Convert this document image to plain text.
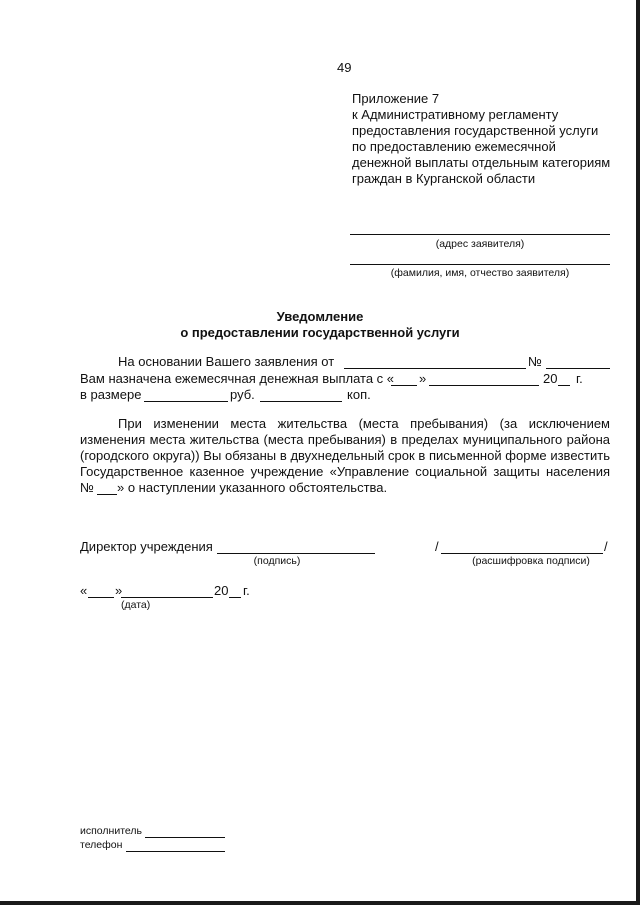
49
Приложение 7
к Административному регламенту
предоставления государственной услуги
по предоставлению ежемесячной
денежной выплаты отдельным категориям
граждан в Курганской области
(адрес заявителя)
(фамилия, имя, отчество заявителя)
Уведомление
о предоставлении государственной услуги
На основании Вашего заявления от	№
Вам назначена ежемесячная денежная выплата с « »	20 г.
в размере	руб.	коп.
При изменении места жительства (места пребывания) (за исключением
изменения места жительства (места пребывания) в пределах муниципального района
(городского округа)) Вы обязаны в двухнедельный срок в письменной форме известить
Государственное казенное учреждение «Управление социальной защиты населения
№ » о наступлении указанного обстоятельства.
Директор учреждения
(подпись)
/	/
(расшифровка подписи)
« »	20 г.
(дата)
исполнитель
телефон
